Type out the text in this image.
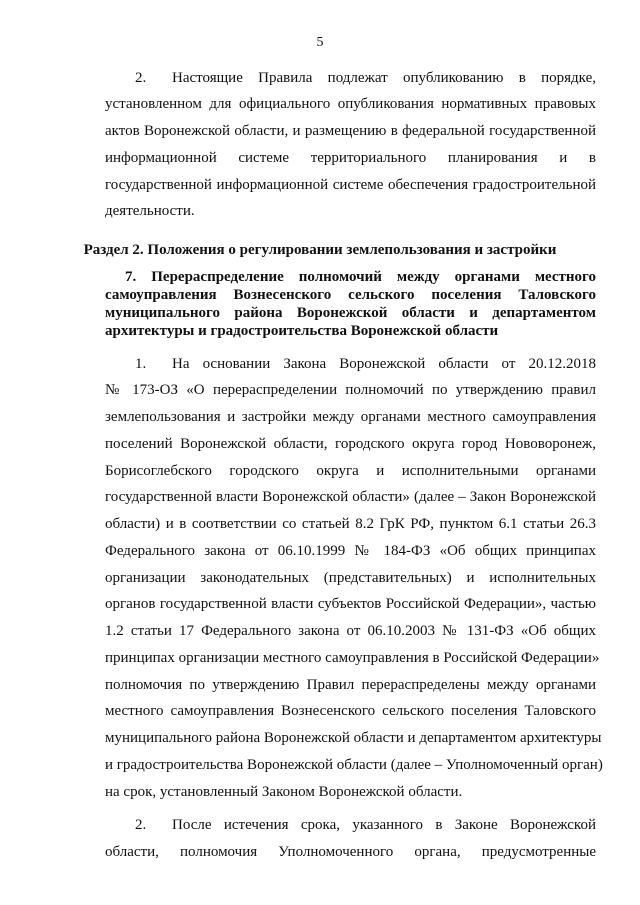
5
2. Настоящие Правила подлежат опубликованию в порядке,
установленном для официального опубликования нормативных правовых
актов Воронежской области, и размещению в федеральной государственной
информационной системе территориального планирования и в
государственной информационной системе обеспечения градостроительной
деятельности.
Раздел 2. Положения о регулировании землепользования и застройки
7. Перераспределение полномочий между органами местного
самоуправления Вознесенского сельского поселения Таловского
муниципального района Воронежской области и департаментом
архитектуры и градостроительства Воронежской области
1. На основании Закона Воронежской области от 20.12.2018
№ 173-ОЗ «О перераспределении полномочий по утверждению правил
землепользования и застройки между органами местного самоуправления
поселений Воронежской области, городского округа город Нововоронеж,
Борисоглебского городского округа и исполнительными органами
государственной власти Воронежской области» (далее – Закон Воронежской
области) и в соответствии со статьей 8.2 ГрК РФ, пунктом 6.1 статьи 26.3
Федерального закона от 06.10.1999 № 184-ФЗ «Об общих принципах
организации законодательных (представительных) и исполнительных
органов государственной власти субъектов Российской Федерации», частью
1.2 статьи 17 Федерального закона от 06.10.2003 № 131-ФЗ «Об общих
принципах организации местного самоуправления в Российской Федерации»
полномочия по утверждению Правил перераспределены между органами
местного самоуправления Вознесенского сельского поселения Таловского
муниципального района Воронежской области и департаментом архитектуры
и градостроительства Воронежской области (далее – Уполномоченный орган)
на срок, установленный Законом Воронежской области.
2. После истечения срока, указанного в Законе Воронежской
области, полномочия Уполномоченного органа, предусмотренные
